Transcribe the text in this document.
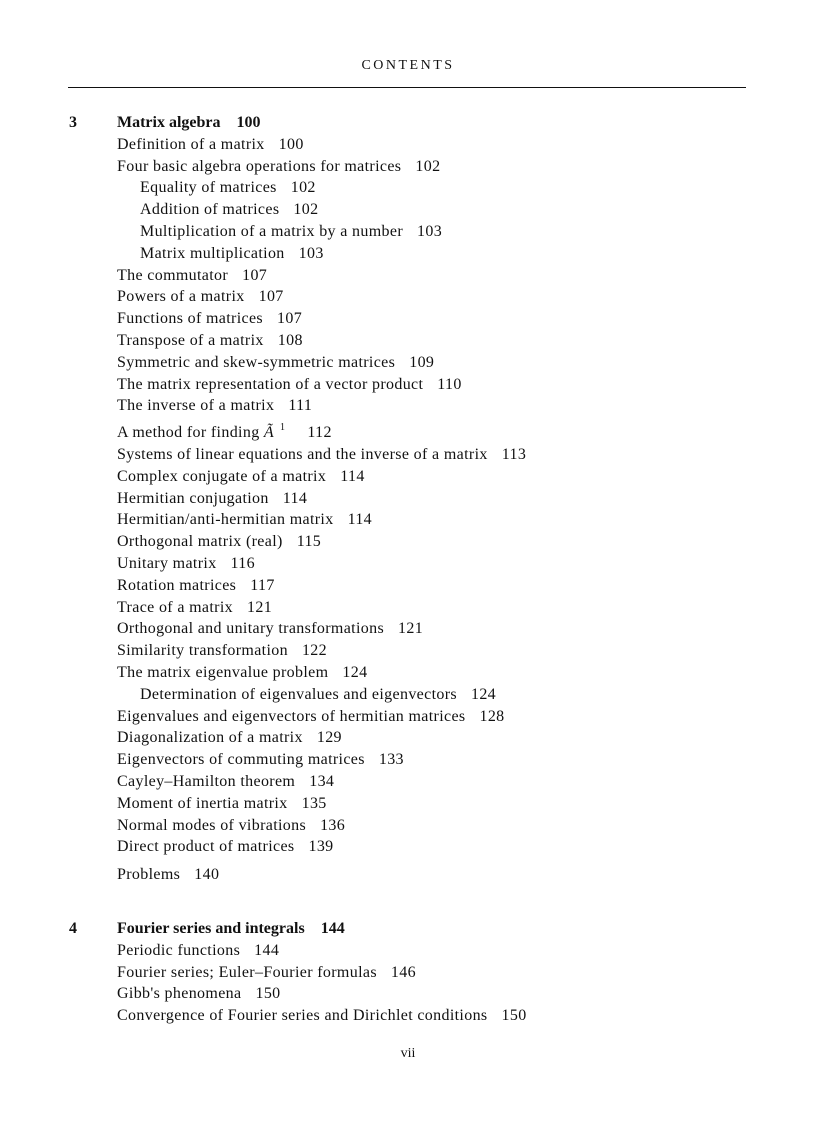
CONTENTS
3	Matrix algebra 100
Definition of a matrix 100
Four basic algebra operations for matrices 102
Equality of matrices 102
Addition of matrices 102
Multiplication of a matrix by a number 103
Matrix multiplication 103
The commutator 107
Powers of a matrix 107
Functions of matrices 107
Transpose of a matrix 108
Symmetric and skew-symmetric matrices 109
The matrix representation of a vector product 110
The inverse of a matrix 111
A method for finding Ã $^1$ 112
Systems of linear equations and the inverse of a matrix 113
Complex conjugate of a matrix 114
Hermitian conjugation 114
Hermitian/anti-hermitian matrix 114
Orthogonal matrix (real) 115
Unitary matrix 116
Rotation matrices 117
Trace of a matrix 121
Orthogonal and unitary transformations 121
Similarity transformation 122
The matrix eigenvalue problem 124
Determination of eigenvalues and eigenvectors 124
Eigenvalues and eigenvectors of hermitian matrices 128
Diagonalization of a matrix 129
Eigenvectors of commuting matrices 133
Cayley–Hamilton theorem 134
Moment of inertia matrix 135
Normal modes of vibrations 136
Direct product of matrices 139
Problems 140
4	Fourier series and integrals 144
Periodic functions 144
Fourier series; Euler–Fourier formulas 146
Gibb's phenomena 150
Convergence of Fourier series and Dirichlet conditions 150
vii
